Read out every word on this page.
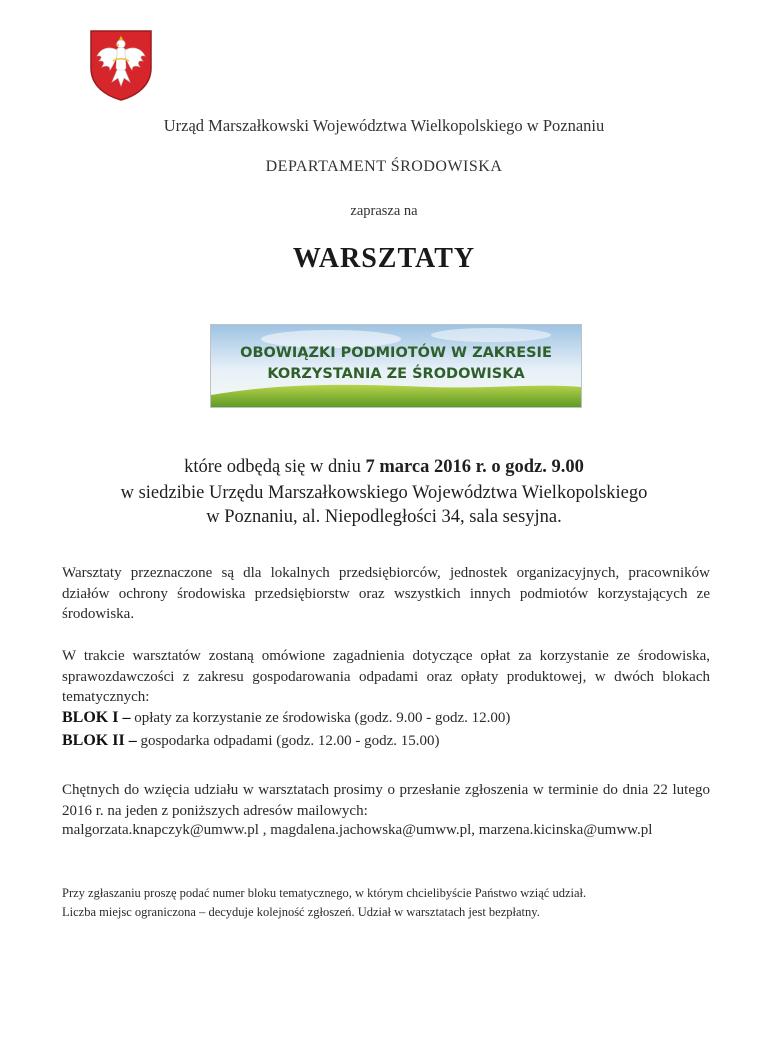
Urząd Marszałkowski Województwa Wielkopolskiego w Poznaniu
DEPARTAMENT ŚRODOWISKA
zaprasza na
WARSZTATY
OBOWIĄZKI PODMIOTÓW W ZAKRESIE
KORZYSTANIA ZE ŚRODOWISKA
które odbędą się w dniu 7 marca 2016 r. o godz. 9.00
w siedzibie Urzędu Marszałkowskiego Województwa Wielkopolskiego
w Poznaniu, al. Niepodległości 34, sala sesyjna.
Warsztaty przeznaczone są dla lokalnych przedsiębiorców, jednostek organizacyjnych, pracowników działów ochrony środowiska przedsiębiorstw oraz wszystkich innych podmiotów korzystających ze środowiska.
W trakcie warsztatów zostaną omówione zagadnienia dotyczące opłat za korzystanie ze środowiska, sprawozdawczości z zakresu gospodarowania odpadami oraz opłaty produktowej, w dwóch blokach tematycznych:
BLOK I – opłaty za korzystanie ze środowiska (godz. 9.00 - godz. 12.00)
BLOK II – gospodarka odpadami (godz. 12.00 - godz. 15.00)
Chętnych do wzięcia udziału w warsztatach prosimy o przesłanie zgłoszenia w terminie do dnia 22 lutego 2016 r. na jeden z poniższych adresów mailowych:
malgorzata.knapczyk@umww.pl , magdalena.jachowska@umww.pl, marzena.kicinska@umww.pl
Przy zgłaszaniu proszę podać numer bloku tematycznego, w którym chcielibyście Państwo wziąć udział.
Liczba miejsc ograniczona – decyduje kolejność zgłoszeń. Udział w warsztatach jest bezpłatny.
